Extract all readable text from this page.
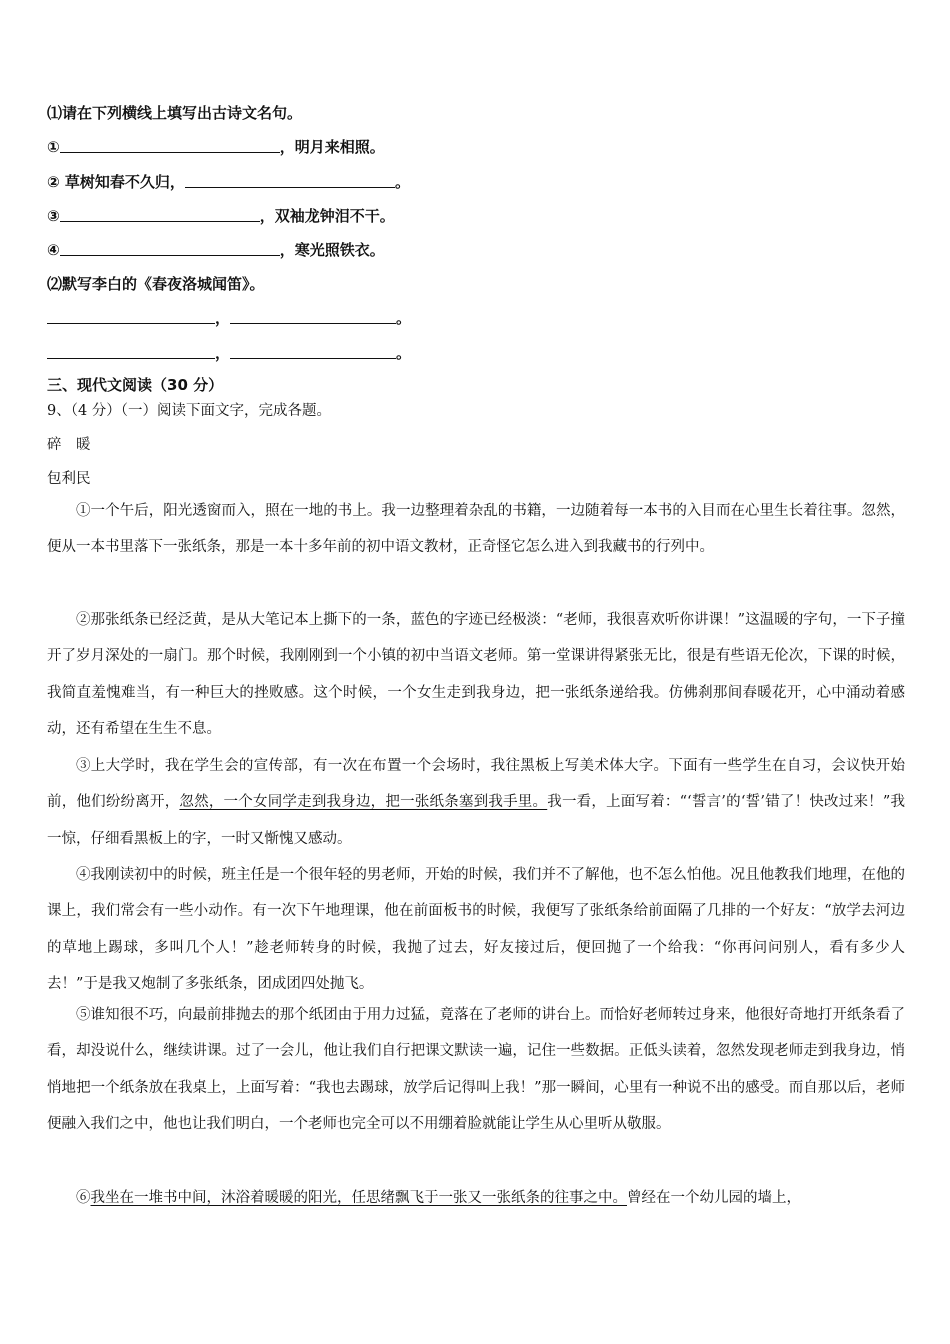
⑴请在下列横线上填写出古诗文名句。
①	，明月来相照。
② 草树知春不久归，	。
③	，双袖龙钟泪不干。
④	，寒光照铁衣。
⑵默写李白的《春夜洛城闻笛》。
，	。
，	。
三、现代文阅读（30 分）
9、（4 分）（一）阅读下面文字，完成各题。
碎　暖
包利民
①一个午后，阳光透窗而入，照在一地的书上。我一边整理着杂乱的书籍，一边随着每一本书的入目而在心里生长着往事。忽然，便从一本书里落下一张纸条，那是一本十多年前的初中语文教材，正奇怪它怎么进入到我藏书的行列中。
②那张纸条已经泛黄，是从大笔记本上撕下的一条，蓝色的字迹已经极淡：“老师，我很喜欢听你讲课！”这温暖的字句，一下子撞开了岁月深处的一扇门。那个时候，我刚刚到一个小镇的初中当语文老师。第一堂课讲得紧张无比，很是有些语无伦次，下课的时候，我简直羞愧难当，有一种巨大的挫败感。这个时候，一个女生走到我身边，把一张纸条递给我。仿佛刹那间春暖花开，心中涌动着感动，还有希望在生生不息。
③上大学时，我在学生会的宣传部，有一次在布置一个会场时，我往黑板上写美术体大字。下面有一些学生在自习，会议快开始前，他们纷纷离开，忽然，一个女同学走到我身边，把一张纸条塞到我手里。我一看，上面写着：“‘誓言’的‘誓’错了！快改过来！”我一惊，仔细看黑板上的字，一时又惭愧又感动。
④我刚读初中的时候，班主任是一个很年轻的男老师，开始的时候，我们并不了解他，也不怎么怕他。况且他教我们地理，在他的课上，我们常会有一些小动作。有一次下午地理课，他在前面板书的时候，我便写了张纸条给前面隔了几排的一个好友：“放学去河边的草地上踢球，多叫几个人！”趁老师转身的时候，我抛了过去，好友接过后，便回抛了一个给我：“你再问问别人，看有多少人去！”于是我又炮制了多张纸条，团成团四处抛飞。
⑤谁知很不巧，向最前排抛去的那个纸团由于用力过猛，竟落在了老师的讲台上。而恰好老师转过身来，他很好奇地打开纸条看了看，却没说什么，继续讲课。过了一会儿，他让我们自行把课文默读一遍，记住一些数据。正低头读着，忽然发现老师走到我身边，悄悄地把一个纸条放在我桌上，上面写着：“我也去踢球，放学后记得叫上我！”那一瞬间，心里有一种说不出的感受。而自那以后，老师便融入我们之中，他也让我们明白，一个老师也完全可以不用绷着脸就能让学生从心里听从敬服。
⑥我坐在一堆书中间，沐浴着暖暖的阳光，任思绪飘飞于一张又一张纸条的往事之中。曾经在一个幼儿园的墙上，
